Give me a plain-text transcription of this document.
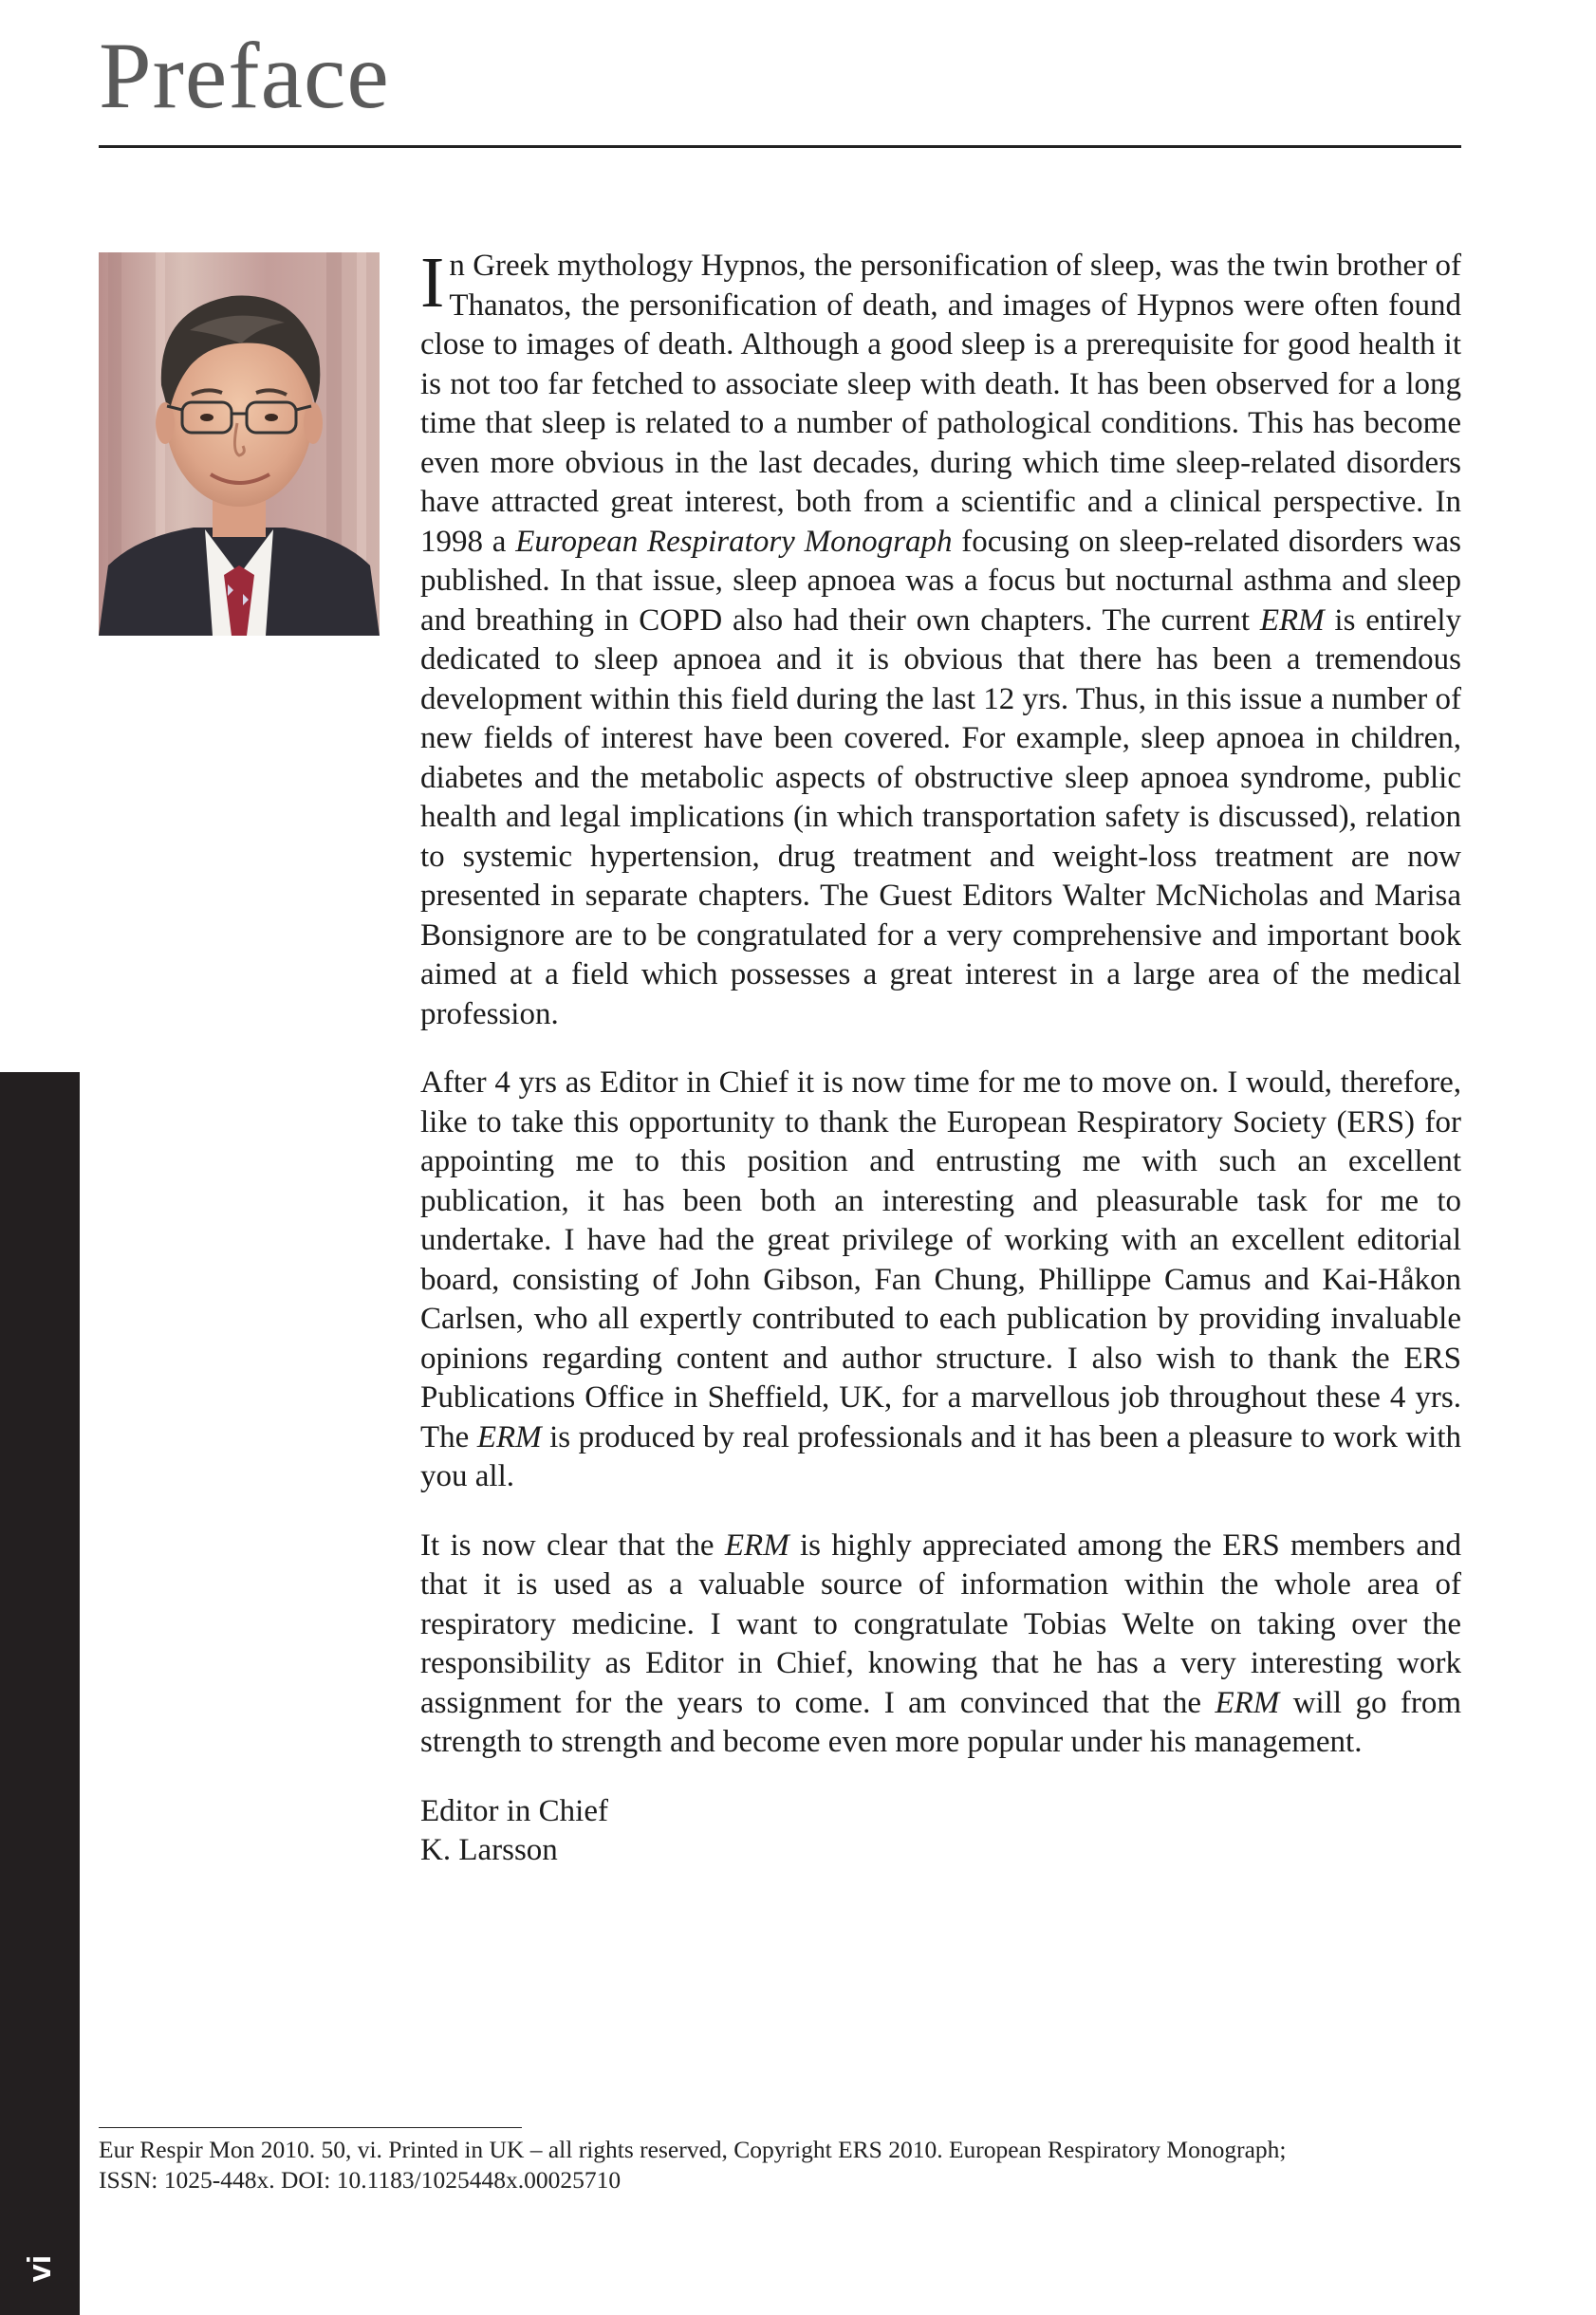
Preface

In Greek mythology Hypnos, the personification of sleep, was the twin brother of Thanatos, the personification of death, and images of Hypnos were often found close to images of death. Although a good sleep is a prerequisite for good health it is not too far fetched to associate sleep with death. It has been observed for a long time that sleep is related to a number of pathological conditions. This has become even more obvious in the last decades, during which time sleep-related disorders have attracted great interest, both from a scientific and a clinical perspective. In 1998 a European Respiratory Monograph focusing on sleep-related disorders was published. In that issue, sleep apnoea was a focus but nocturnal asthma and sleep and breathing in COPD also had their own chapters. The current ERM is entirely dedicated to sleep apnoea and it is obvious that there has been a tremendous development within this field during the last 12 yrs. Thus, in this issue a number of new fields of interest have been covered. For example, sleep apnoea in children, diabetes and the metabolic aspects of obstructive sleep apnoea syndrome, public health and legal implications (in which transportation safety is discussed), relation to systemic hypertension, drug treatment and weight-loss treatment are now presented in separate chapters. The Guest Editors Walter McNicholas and Marisa Bonsignore are to be congratulated for a very comprehensive and important book aimed at a field which possesses a great interest in a large area of the medical profession.

After 4 yrs as Editor in Chief it is now time for me to move on. I would, therefore, like to take this opportunity to thank the European Respiratory Society (ERS) for appointing me to this position and entrusting me with such an excellent publication, it has been both an interesting and pleasurable task for me to undertake. I have had the great privilege of working with an excellent editorial board, consisting of John Gibson, Fan Chung, Phillippe Camus and Kai-Håkon Carlsen, who all expertly contributed to each publication by providing invaluable opinions regarding content and author structure. I also wish to thank the ERS Publications Office in Sheffield, UK, for a marvellous job throughout these 4 yrs. The ERM is produced by real professionals and it has been a pleasure to work with you all.

It is now clear that the ERM is highly appreciated among the ERS members and that it is used as a valuable source of information within the whole area of respiratory medicine. I want to congratulate Tobias Welte on taking over the responsibility as Editor in Chief, knowing that he has a very interesting work assignment for the years to come. I am convinced that the ERM will go from strength to strength and become even more popular under his management.

Editor in Chief
K. Larsson

Eur Respir Mon 2010. 50, vi. Printed in UK – all rights reserved, Copyright ERS 2010. European Respiratory Monograph;
ISSN: 1025-448x. DOI: 10.1183/1025448x.00025710
vi
